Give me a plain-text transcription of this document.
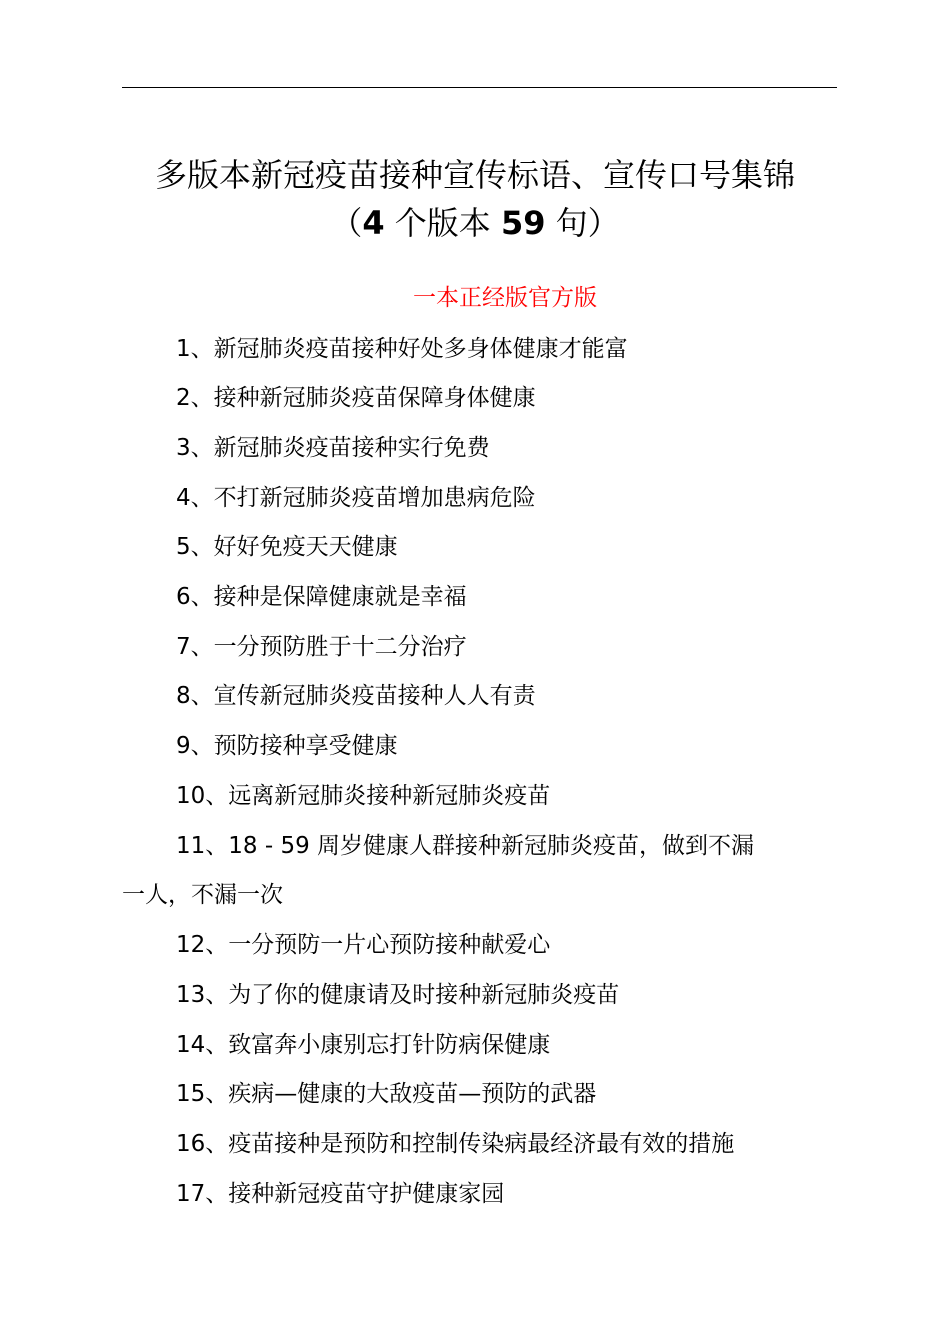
多版本新冠疫苗接种宣传标语、宣传口号集锦
（4 个版本 59 句）
一本正经版官方版
1、新冠肺炎疫苗接种好处多身体健康才能富
2、接种新冠肺炎疫苗保障身体健康
3、新冠肺炎疫苗接种实行免费
4、不打新冠肺炎疫苗增加患病危险
5、好好免疫天天健康
6、接种是保障健康就是幸福
7、一分预防胜于十二分治疗
8、宣传新冠肺炎疫苗接种人人有责
9、预防接种享受健康
10、远离新冠肺炎接种新冠肺炎疫苗
11、18 - 59 周岁健康人群接种新冠肺炎疫苗，做到不漏
一人，不漏一次
12、一分预防一片心预防接种献爱心
13、为了你的健康请及时接种新冠肺炎疫苗
14、致富奔小康别忘打针防病保健康
15、疾病—健康的大敌疫苗—预防的武器
16、疫苗接种是预防和控制传染病最经济最有效的措施
17、接种新冠疫苗守护健康家园
